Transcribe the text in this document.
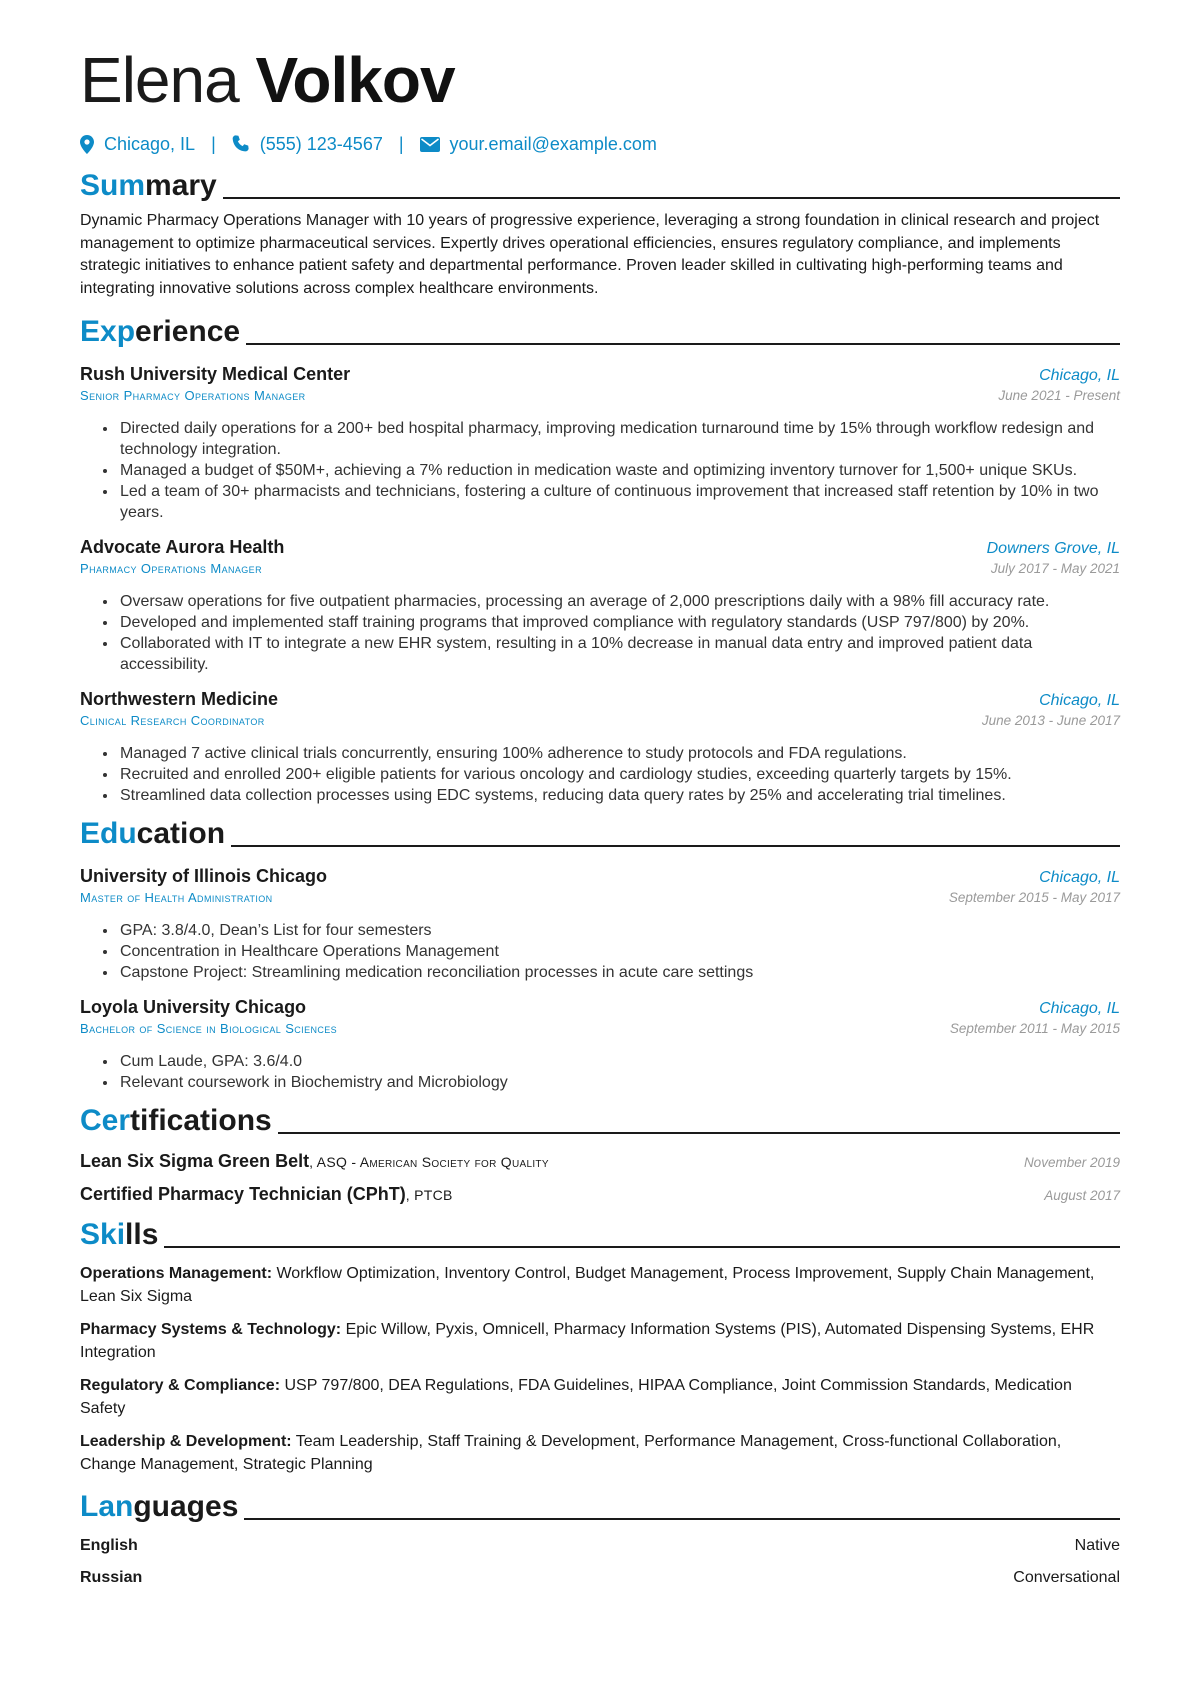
Elena Volkov
Chicago, IL | (555) 123-4567 |	your.email@example.com
Summary
Dynamic Pharmacy Operations Manager with 10 years of progressive experience, leveraging a strong foundation in clinical research and project management to optimize pharmaceutical services. Expertly drives operational efficiencies, ensures regulatory compliance, and implements strategic initiatives to enhance patient safety and departmental performance. Proven leader skilled in cultivating high-performing teams and integrating innovative solutions across complex healthcare environments.
Experience
Rush University Medical Center	Chicago, IL
Senior Pharmacy Operations Manager	June 2021 - Present
• Directed daily operations for a 200+ bed hospital pharmacy, improving medication turnaround time by 15% through workflow redesign and technology integration.
• Managed a budget of $50M+, achieving a 7% reduction in medication waste and optimizing inventory turnover for 1,500+ unique SKUs.
• Led a team of 30+ pharmacists and technicians, fostering a culture of continuous improvement that increased staff retention by 10% in two years.
Advocate Aurora Health	Downers Grove, IL
Pharmacy Operations Manager	July 2017 - May 2021
• Oversaw operations for five outpatient pharmacies, processing an average of 2,000 prescriptions daily with a 98% fill accuracy rate.
• Developed and implemented staff training programs that improved compliance with regulatory standards (USP 797/800) by 20%.
• Collaborated with IT to integrate a new EHR system, resulting in a 10% decrease in manual data entry and improved patient data accessibility.
Northwestern Medicine	Chicago, IL
Clinical Research Coordinator	June 2013 - June 2017
• Managed 7 active clinical trials concurrently, ensuring 100% adherence to study protocols and FDA regulations.
• Recruited and enrolled 200+ eligible patients for various oncology and cardiology studies, exceeding quarterly targets by 15%.
• Streamlined data collection processes using EDC systems, reducing data query rates by 25% and accelerating trial timelines.
Education
University of Illinois Chicago	Chicago, IL
Master of Health Administration	September 2015 - May 2017
• GPA: 3.8/4.0, Dean’s List for four semesters
• Concentration in Healthcare Operations Management
• Capstone Project: Streamlining medication reconciliation processes in acute care settings
Loyola University Chicago	Chicago, IL
Bachelor of Science in Biological Sciences	September 2011 - May 2015
• Cum Laude, GPA: 3.6/4.0
• Relevant coursework in Biochemistry and Microbiology
Certifications
Lean Six Sigma Green Belt, ASQ - American Society for Quality	November 2019
Certified Pharmacy Technician (CPhT), PTCB	August 2017
Skills
Operations Management: Workflow Optimization, Inventory Control, Budget Management, Process Improvement, Supply Chain Management, Lean Six Sigma
Pharmacy Systems & Technology: Epic Willow, Pyxis, Omnicell, Pharmacy Information Systems (PIS), Automated Dispensing Systems, EHR Integration
Regulatory & Compliance: USP 797/800, DEA Regulations, FDA Guidelines, HIPAA Compliance, Joint Commission Standards, Medication Safety
Leadership & Development: Team Leadership, Staff Training & Development, Performance Management, Cross-functional Collaboration, Change Management, Strategic Planning
Languages
English	Native
Russian	Conversational
